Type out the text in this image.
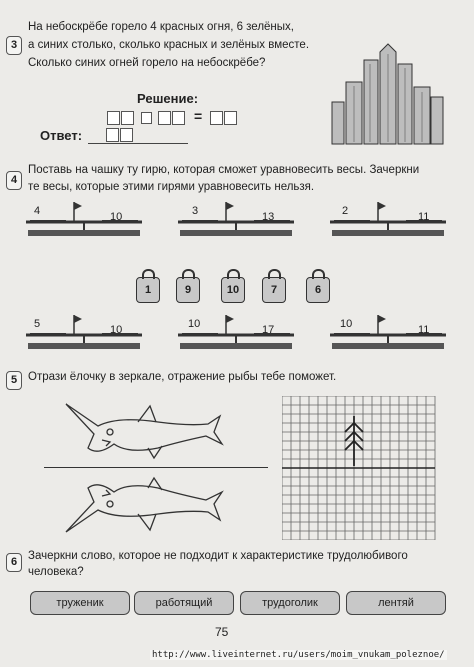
3
На небоскрёбе горело 4 красных огня, 6 зелёных,
а синих столько, сколько красных и зелёных вместе.
Сколько синих огней горело на небоскрёбе?
Решение:
=
Ответ:
4
Поставь на чашку ту гирю, которая сможет уравновесить весы. Зачеркни
те весы, которые этими гирями уравновесить нельзя.
4	10	3	13	2	11
1	9	10	7	6
5	10	10	17	10	11
5 Отрази ёлочку в зеркале, отражение рыбы тебе поможет.
6 Зачеркни слово, которое не подходит к характеристике трудолюбивого
человека?
труженик	работящий	трудоголик	лентяй
75
http://www.liveinternet.ru/users/moim_vnukam_poleznoe/
